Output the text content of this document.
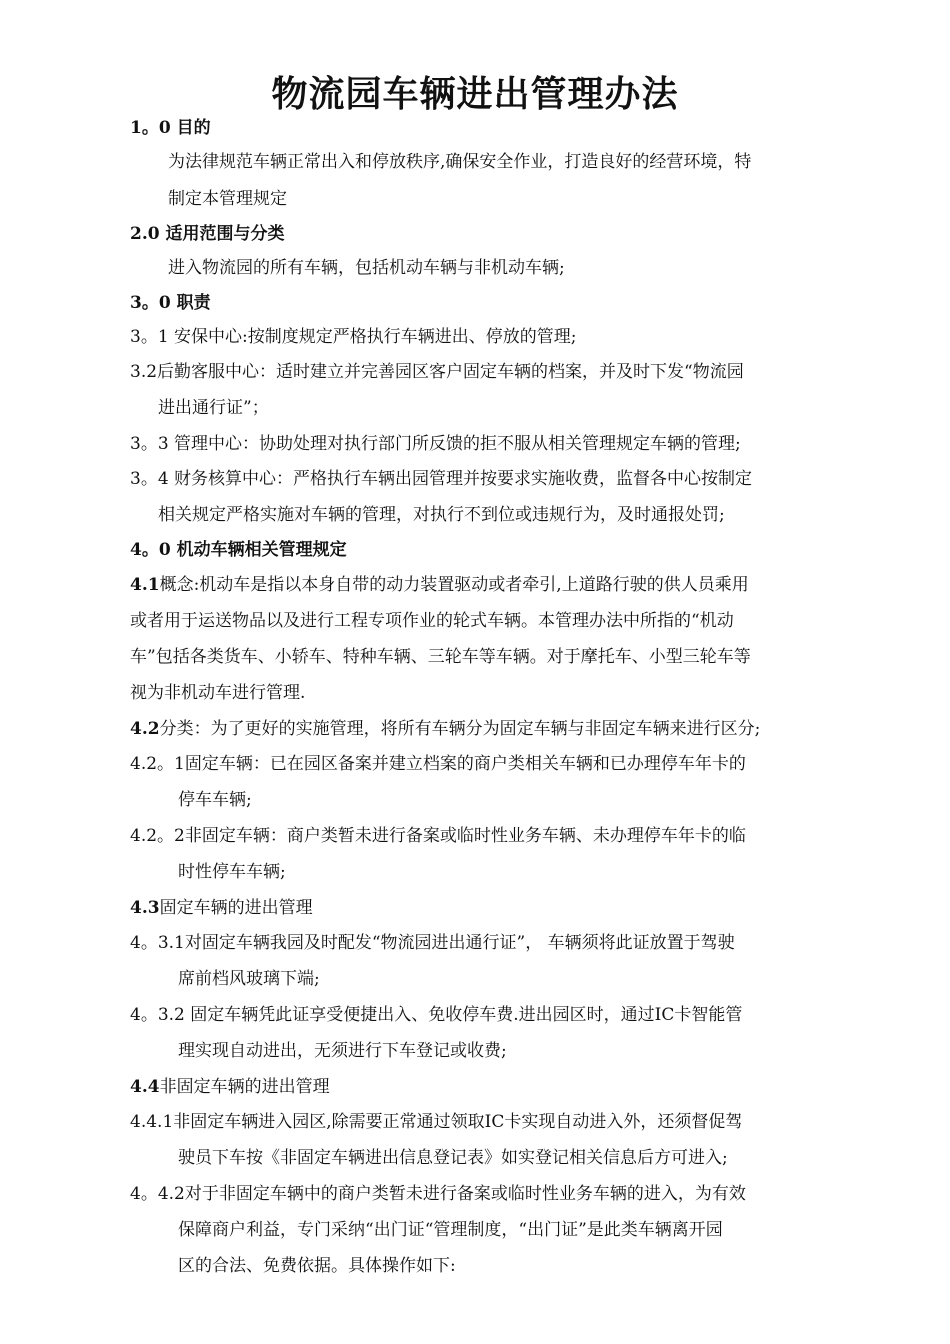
物流园车辆进出管理办法
1。0 目的
为法律规范车辆正常出入和停放秩序,确保安全作业，打造良好的经营环境，特
制定本管理规定
2.0 适用范围与分类
进入物流园的所有车辆，包括机动车辆与非机动车辆;
3。0 职责
3。1 安保中心:按制度规定严格执行车辆进出、停放的管理;
3.2后勤客服中心：适时建立并完善园区客户固定车辆的档案，并及时下发“物流园
进出通行证”；
3。3 管理中心：协助处理对执行部门所反馈的拒不服从相关管理规定车辆的管理;
3。4 财务核算中心：严格执行车辆出园管理并按要求实施收费，监督各中心按制定
相关规定严格实施对车辆的管理，对执行不到位或违规行为，及时通报处罚;
4。0 机动车辆相关管理规定
4.1概念:机动车是指以本身自带的动力装置驱动或者牵引,上道路行驶的供人员乘用
或者用于运送物品以及进行工程专项作业的轮式车辆。本管理办法中所指的“机动
车”包括各类货车、小轿车、特种车辆、三轮车等车辆。对于摩托车、小型三轮车等
视为非机动车进行管理.
4.2分类：为了更好的实施管理，将所有车辆分为固定车辆与非固定车辆来进行区分;
4.2。1固定车辆：已在园区备案并建立档案的商户类相关车辆和已办理停车年卡的
停车车辆;
4.2。2非固定车辆：商户类暂未进行备案或临时性业务车辆、未办理停车年卡的临
时性停车车辆;
4.3固定车辆的进出管理
4。3.1对固定车辆我园及时配发“物流园进出通行证”， 车辆须将此证放置于驾驶
席前档风玻璃下端;
4。3.2 固定车辆凭此证享受便捷出入、免收停车费.进出园区时，通过IC卡智能管
理实现自动进出，无须进行下车登记或收费;
4.4非固定车辆的进出管理
4.4.1非固定车辆进入园区,除需要正常通过领取IC卡实现自动进入外，还须督促驾
驶员下车按《非固定车辆进出信息登记表》如实登记相关信息后方可进入;
4。4.2对于非固定车辆中的商户类暂未进行备案或临时性业务车辆的进入，为有效
保障商户利益，专门采纳“出门证“管理制度，“出门证”是此类车辆离开园
区的合法、免费依据。具体操作如下:
